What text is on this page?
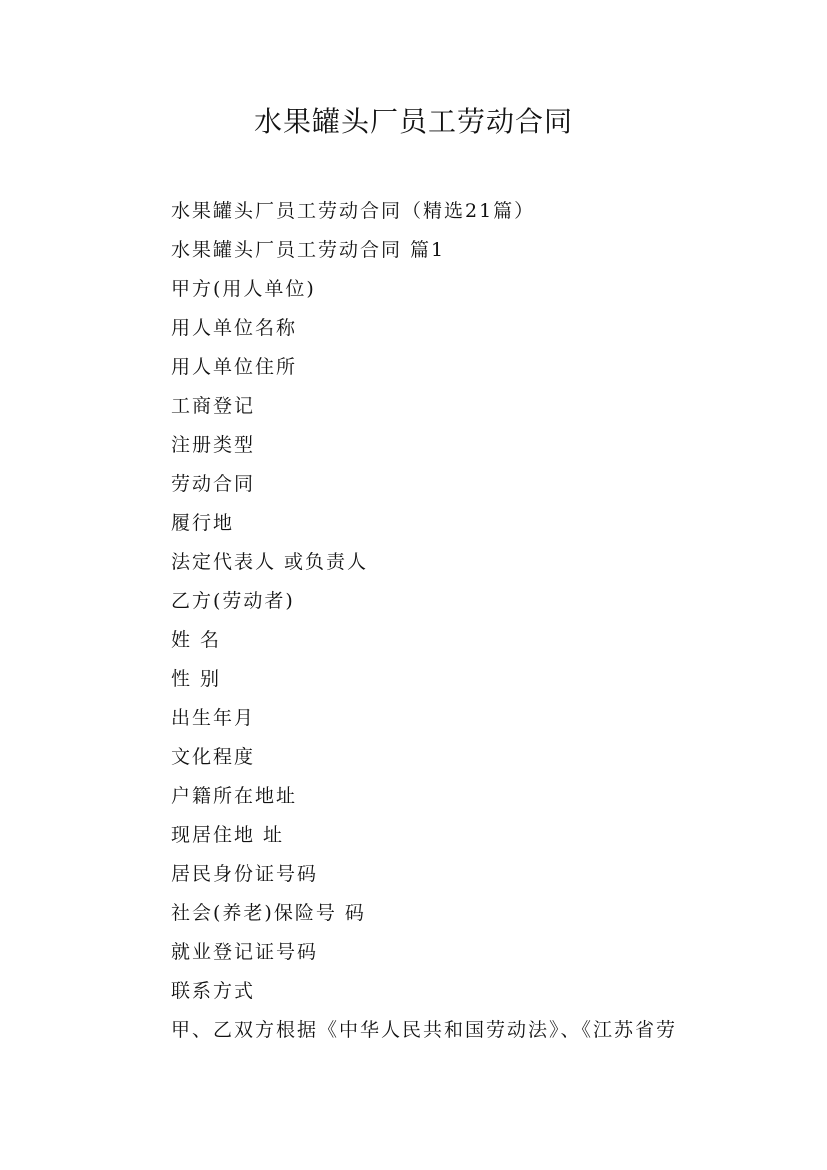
水果罐头厂员工劳动合同
水果罐头厂员工劳动合同（精选21篇）
水果罐头厂员工劳动合同 篇1
甲方(用人单位)
用人单位名称
用人单位住所
工商登记
注册类型
劳动合同
履行地
法定代表人 或负责人
乙方(劳动者)
姓 名
性 别
出生年月
文化程度
户籍所在地址
现居住地 址
居民身份证号码
社会(养老)保险号 码
就业登记证号码
联系方式
甲、乙双方根据《中华人民共和国劳动法》、《江苏省劳
